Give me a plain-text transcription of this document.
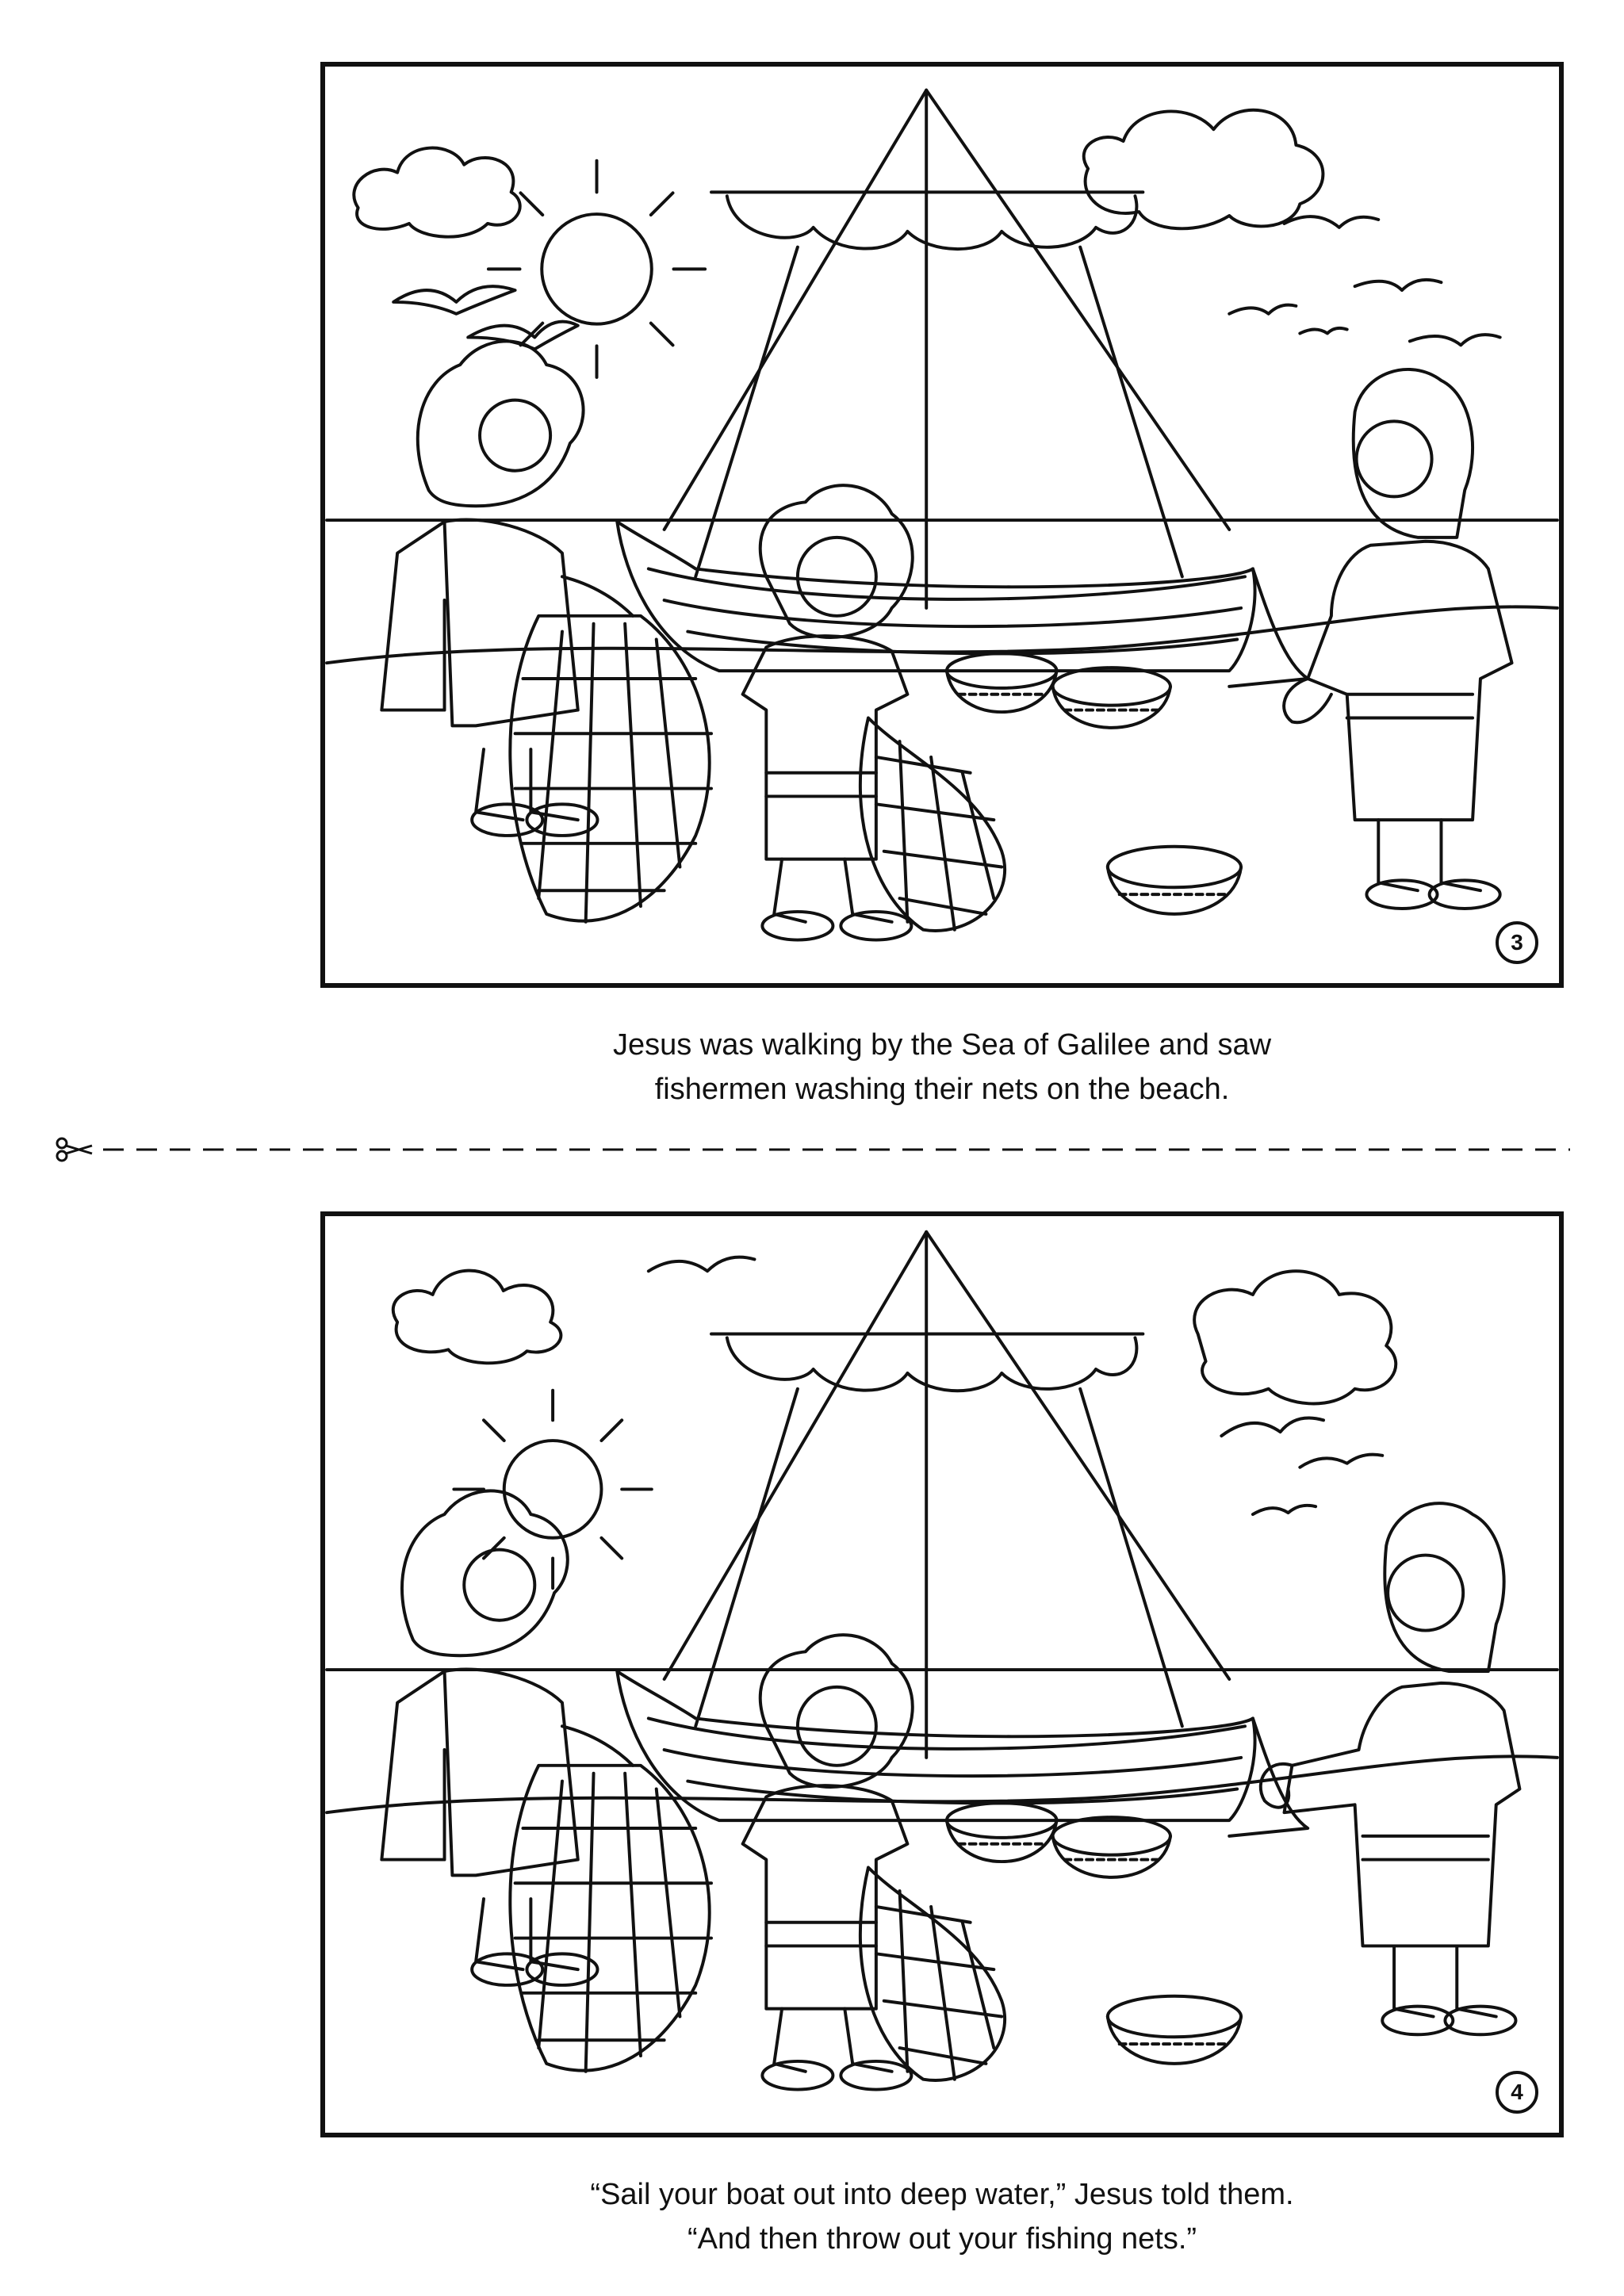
3
Jesus was walking by the Sea of Galilee and saw
fishermen washing their nets on the beach.
4
“Sail your boat out into deep water,” Jesus told them.
“And then throw out your fishing nets.”
